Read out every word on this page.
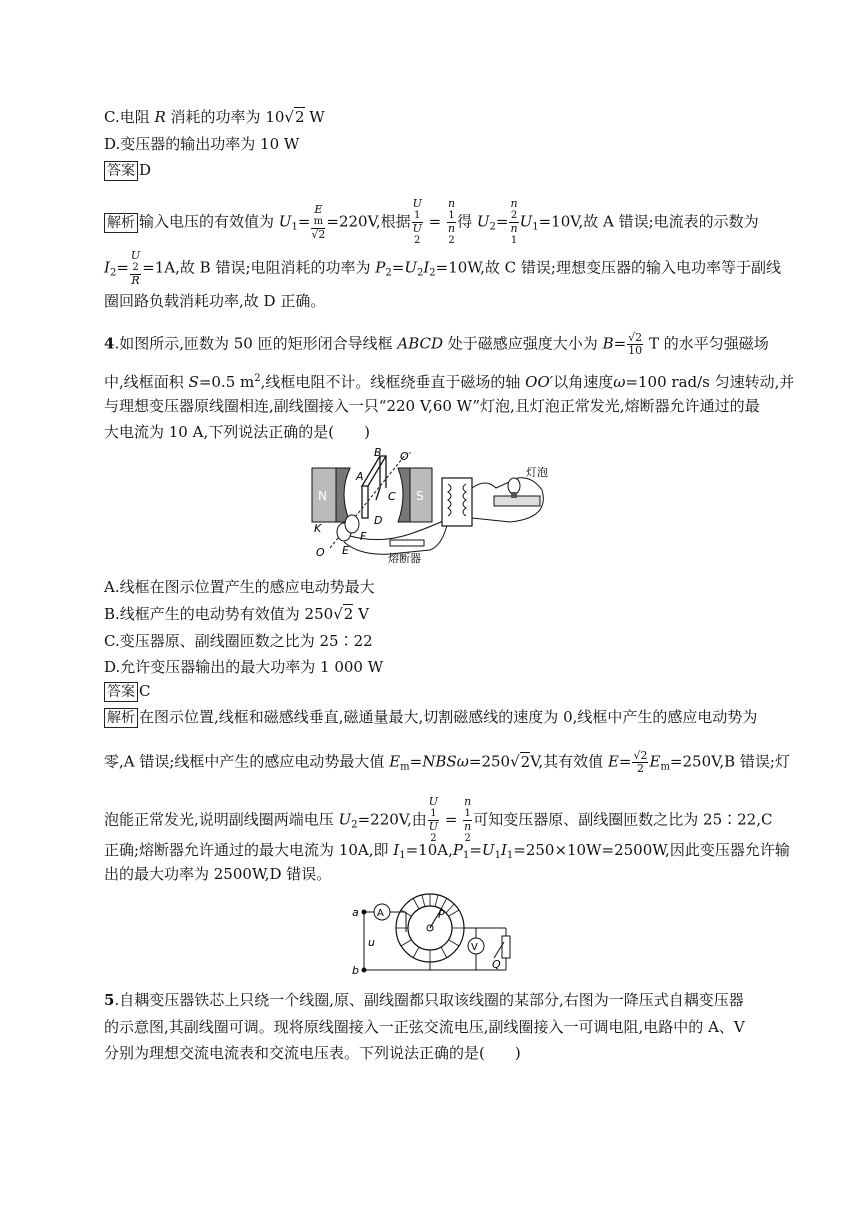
C.电阻 R 消耗的功率为 10√2 W
D.变压器的输出功率为 10 W
答案 D
解析 输入电压的有效值为 $U_1= E$
m
√2 =220V,根据 U
1
U
2 = n
1
n
2 得 $U_2= n$
2
n
1 $U_1=10V$,故 A 错误;电流表的示数为
$I_2= U$
2
R =1A,故 B 错误;电阻消耗的功率为 $P_2=U_2I_2=10W$,故 C 错误;理想变压器的输入电功率等于副线
圈回路负载消耗功率,故 D 正确。
4.如图所示,匝数为 50 匝的矩形闭合导线框 ABCD 处于磁感应强度大小为 $B= \frac{√2}{10}$ T 的水平匀强磁场
中,线框面积 S=0.5 $m^2$,线框电阻不计。线框绕垂直于磁场的轴 OO′以角速度ω=100 rad/s 匀速转动,并
与理想变压器原线圈相连,副线圈接入一只“220 V,60 W”灯泡,且灯泡正常发光,熔断器允许通过的最
大电流为 10 A,下列说法正确的是(　　)
N	S
B
A
C
D
O′
K
O E
F
熔断器
灯泡
A.线框在图示位置产生的感应电动势最大
B.线框产生的电动势有效值为 250√2 V
C.变压器原、副线圈匝数之比为 25∶22
D.允许变压器输出的最大功率为 1 000 W
答案 C
解析 在图示位置,线框和磁感线垂直,磁通量最大,切割磁感线的速度为 0,线框中产生的感应电动势为
零,A 错误;线框中产生的感应电动势最大值 $E_m=NBS\omega=250√2V$,其有效值 $E= \frac{√2}{2} E_m=250V,B$ 错误;灯
泡能正常发光,说明副线圈两端电压 $U_2=220V$,由 U
1
U
2 = n
1
n
2 可知变压器原、副线圈匝数之比为 25∶22,C
正确;熔断器允许通过的最大电流为 10A,即 $I_1=10A,P_1=U_1I_1=250\times 10W=2500W$,因此变压器允许输
出的最大功率为 2500W,D 错误。
a
b
. u
A	P
V
Q
5.自耦变压器铁芯上只绕一个线圈,原、副线圈都只取该线圈的某部分,右图为一降压式自耦变压器
的示意图,其副线圈可调。现将原线圈接入一正弦交流电压,副线圈接入一可调电阻,电路中的 A、V
分别为理想交流电流表和交流电压表。下列说法正确的是(　　)
